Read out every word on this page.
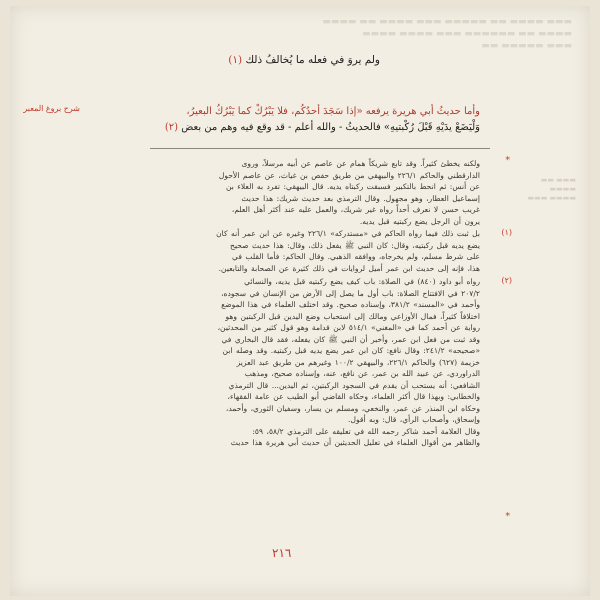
▬▬▬ ▬▬▬▬ ▬▬ ▬▬▬▬▬ ▬▬▬ ▬▬▬▬ ▬▬ ▬▬▬▬
▬▬▬▬ ▬▬ ▬▬▬▬▬▬ ▬▬▬ ▬▬▬▬ ▬▬▬▬
▬▬▬ ▬▬▬▬▬ ▬▬
ولم يروَ في فعله ما يُخالفُ ذلك (١)
شرح بروغ المعبر	وأما حديثُ أبي هريرة يرفعه «إذا سَجَدَ أحدُكُم، فلا يَبْرُكْ كما يَبْرُكُ البعيرُ،
وَلْيَضَعْ يدَيْهِ قَبْلَ رُكْبتيهِ» فالحديثُ - والله أعلم - قد وقع فيه وهم من بعض (٢)
*
ولكنه يخطئ كثيراً. وقد تابع شريكاً همام عن عاصم عن أبيه مرسلاً، وروى
الدارقطني والحاكم ٢٢٦/١ والبيهقي من طريق حفص بن غياث، عن عاصم الأحول
عن أنس: ثم انحط بالتكبير فسبقت ركبتاه يديه. قال البيهقي: تفرد به العلاء بن
إسماعيل العطار، وهو مجهول. وقال الترمذي بعد حديث شريك: هذا حديث
غريب حسن لا نعرف أحداً رواه غير شريك، والعمل عليه عند أكثر أهل العلم،
يرون أن الرجل يضع ركبتيه قبل يديه.
(١)
بل ثبت ذلك فيما رواه الحاكم في «مستدركه» ٢٢٦/١ وغيره عن ابن عمر أنه كان
يضع يديه قبل ركبتيه، وقال: كان النبي ﷺ يفعل ذلك، وقال: هذا حديث صحيح
على شرط مسلم، ولم يخرجاه، ووافقه الذهبي. وقال الحاكم: فأما القلب في
هذا، فإنه إلى حديث ابن عمر أميل لروايات في ذلك كثيرة عن الصحابة والتابعين.
(٢)
رواه أبو داود (٨٤٠) في الصلاة: باب كيف يضع ركبتيه قبل يديه، والنسائي
٢٠٧/٢ في الافتتاح الصلاة: باب أول ما يصل إلى الأرض من الإنسان في سجوده،
وأحمد في «المسند» ٣٨١/٢، وإسناده صحيح. وقد اختلف العلماء في هذا الموضع
اختلافاً كثيراً، فمال الأوزاعي ومالك إلى استحباب وضع اليدين قبل الركبتين وهو
رواية عن أحمد كما في «المغني» ٥١٤/١ لابن قدامة وهو قول كثير من المحدثين،
وقد ثبت من فعل ابن عمر، وأخبر أن النبي ﷺ كان يفعله، فقد قال البخاري في
«صحيحه» ٢٤١/٢: وقال نافع: كان ابن عمر يضع يديه قبل ركبتيه. وقد وصله ابن
خزيمة (٦٢٧) والحاكم ٢٢٦/١، والبيهقي ١٠٠/٢ وغيرهم من طريق عبد العزيز
الدراوردي، عن عبيد الله بن عمر، عن نافع، عنه، وإسناده صحيح، ومذهب
الشافعي: أنه يستحب أن يقدم في السجود الركبتين، ثم اليدين... قال الترمذي
والخطابي: وبهذا قال أكثر العلماء، وحكاه القاضي أبو الطيب عن عامة الفقهاء،
وحكاه ابن المنذر عن عمر، والنخعي، ومسلم بن يسار، وسفيان الثوري، وأحمد،
وإسحاق، وأصحاب الرأي، قال: وبه أقول.
وقال العلامة أحمد شاكر رحمه الله في تعليقه على الترمذي ٥٨/٢، ٥٩:
والظاهر من أقوال العلماء في تعليل الحديثين أن حديث أبي هريرة هذا حديث
*
▬▬▬ ▬▬ ▬▬▬▬
▬▬▬▬ ▬▬▬
٢١٦
